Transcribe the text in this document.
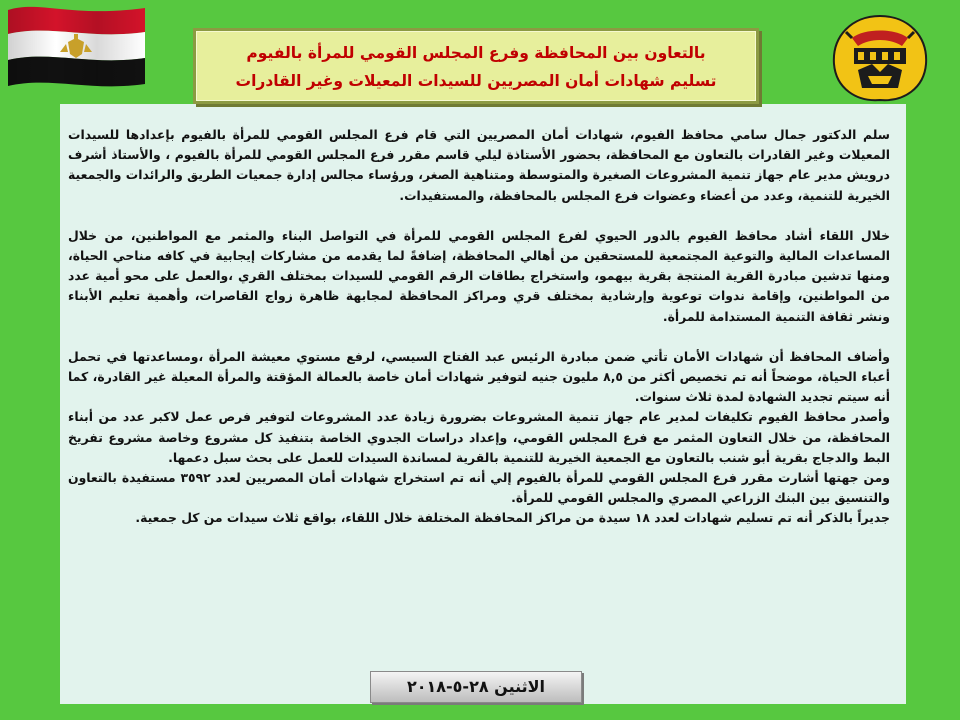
بالتعاون بين المحافظة وفرع المجلس القومي للمرأة بالفيوم
تسليم شهادات أمان المصريين للسيدات المعيلات وغير القادرات

سلم الدكتور جمال سامي محافظ الفيوم، شهادات أمان المصريين التي قام فرع المجلس القومي للمرأة بالفيوم بإعدادها للسيدات المعيلات وغير القادرات بالتعاون مع المحافظة، بحضور الأستاذة ليلي قاسم مقرر فرع المجلس القومي للمرأة بالفيوم ، والأستاذ أشرف درويش مدير عام جهاز تنمية المشروعات الصغيرة والمتوسطة ومتناهية الصغر، ورؤساء مجالس إدارة جمعيات الطريق والرائدات والجمعية الخيرية للتنمية، وعدد من أعضاء وعضوات فرع المجلس بالمحافظة، والمستفيدات.

خلال اللقاء أشاد محافظ الفيوم بالدور الحيوي لفرع المجلس القومي للمرأة في التواصل البناء والمثمر مع المواطنين، من خلال المساعدات المالية والتوعية المجتمعية للمستحقين من أهالي المحافظة، إضافةً لما يقدمه من مشاركات إيجابية في كافه مناحي الحياة، ومنها تدشين مبادرة القرية المنتجة بقرية بيهمو، واستخراج بطاقات الرقم القومي للسيدات بمختلف القري ،والعمل على محو أمية عدد من المواطنين، وإقامة ندوات توعوية وإرشادية بمختلف قري ومراكز المحافظة لمجابهة ظاهرة زواج القاصرات، وأهمية تعليم الأبناء ونشر ثقافة التنمية المستدامة للمرأة.

وأضاف المحافظ أن شهادات الأمان تأتي ضمن مبادرة الرئيس عبد الفتاح السيسي، لرفع مستوي معيشة المرأة ،ومساعدتها في تحمل أعباء الحياة، موضحاً أنه تم تخصيص أكثر من ٨,٥ مليون جنيه لتوفير شهادات أمان خاصة بالعمالة المؤقتة والمرأة المعيلة غير القادرة، كما أنه سيتم تجديد الشهادة لمدة ثلاث سنوات.

وأصدر محافظ الفيوم تكليفات لمدير عام جهاز تنمية المشروعات بضرورة زيادة عدد المشروعات لتوفير فرص عمل لاكبر عدد من أبناء المحافظة، من خلال التعاون المثمر مع فرع المجلس القومي، وإعداد دراسات الجدوي الخاصة بتنفيذ كل مشروع وخاصة مشروع تفريخ البط والدجاج بقرية أبو شنب بالتعاون مع الجمعية الخيرية للتنمية بالقرية لمساندة السيدات للعمل على بحث سبل دعمها.

ومن جهتها أشارت مقرر فرع المجلس القومي للمرأة بالفيوم إلي أنه تم استخراج شهادات أمان المصريين لعدد ٣٥٩٢ مستفيدة بالتعاون والتنسيق بين البنك الزراعي المصري والمجلس القومي للمرأة.

جديراً بالذكر أنه تم تسليم شهادات لعدد ١٨ سيدة من مراكز المحافظة المختلفة خلال اللقاء، بواقع ثلاث سيدات من كل جمعية.

الاثنين ٢٨-٥-٢٠١٨
